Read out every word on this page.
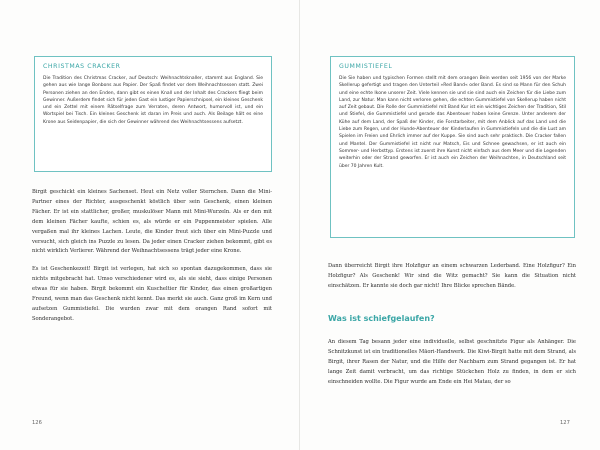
CHRISTMAS CRACKER

Die Tradition des Christmas Cracker, auf Deutsch: Weihnachtsknaller, stammt aus England. Sie gehen aus wie lange Bonbons aus Papier. Der Spaß findet vor dem Weihnachtsessen statt. Zwei Personen ziehen an den Enden, dann gibt es einen Knall und der Inhalt des Crackers fliegt beim Gewinner. Außerdem findet sich für jeden Gast ein lustiger Papierschnipsel, ein kleines Geschenk und ein Zettel mit einem Rätselfrage zum Verraten, deren Antwort, humorvoll ist, und ein Wortspiel bei Tisch. Ein kleines Geschenk ist daran im Preis und auch. Als Beilage hält es eine Krone aus Seidenpapier, die sich der Gewinner während des Weihnachtsessens aufsetzt.

Birgit geschickt ein kleines Sachenset. Heut ein Netz voller Sternchen. Dann die Mini-Partner eines der Richter, ausgeschenkt köstlich über sein Geschenk, einen kleinen Fächer. Er ist ein stattlicher, großer, muskulöser Mann mit Mini-Wurzeln. Als er den mit dem kleinen Fächer kaufte, schien es, als würde er ein Puppenmeister spielen. Alle vergaßen mal ihr kleines Lachen. Leute, die Kinder freut sich über ein Mini-Puzzle und versucht, sich gleich ins Puzzle zu lesen. Da jeder einen Cracker ziehen bekommt, gibt es nicht wirklich Verlierer. Während der Weihnachtsessens trägt jeder eine Krone.

Es ist Geschenkezeit! Birgit ist verlegen, hat sich so spontan dazugekommen, dass sie nichts mitgebracht hat. Umso verschiedener wird es, als sie sieht, dass einige Personen etwas für sie haben. Birgit bekommt ein Kuscheltier für Kinder, das einen großartigen Freund, wenn man das Geschenk nicht kennt. Das merkt sie auch. Ganz groß im Kern und aufsetzen Gummistiefel. Die wurden zwar mit dem orangen Rand sofort mit Sonderangebot.

126

GUMMISTIEFEL

Die Sie haben und typischen Formen stellt mit dem orangen Bein werden seit 1956 von der Marke Skellerup gefertigt und tragen den Unterteil »Red Band« oder Band. Es sind so Mann für den Schuh und eine echte Ikone unserer Zeit. Viele kennen sie und sie sind auch ein Zeichen für die Liebe zum Land, zur Natur. Man kann nicht verloren gehen, die echten Gummistiefel von Skellerup haben nicht auf Zeit gebaut. Die Rolle der Gummistiefel mit Band Kur ist ein wichtiges Zeichen der Tradition, Stil und Stiefel, die Gummistiefel und gerade das Abenteuer haben keine Grenze. Unter anderem der Kühe auf dem Land, der Spaß der Kinder, die Forstarbeiter, mit dem Anblick auf das Land und die Liebe zum Regen, und der Hunde-Abenteuer der Kinderlaufen in Gummistiefeln und die die Lust am Spielen im Freien und Ehrlich immer auf der Kuppe. Sie sind auch sehr praktisch. Die Cracker fallen und Mantel. Der Gummistiefel ist nicht nur Matsch, Eis und Schnee gewachsen, er ist auch ein Sommer- und Herbsttyp. Erstens ist zuerst ihre Kunst nicht einfach aus dem Meer und die Legenden weiterhin oder der Strand geworfen. Er ist auch ein Zeichen der Weihnachten, in Deutschland seit über 70 Jahren Kult.

Dann überreicht Birgit ihre Holzfigur an einem schwarzen Lederband. Eine Holzfigur? Ein Holzfigur? Als Geschenk! Wir sind die Witz gemacht? Sie kann die Situation nicht einschätzen. Er kannte sie doch gar nicht! Ihre Blicke sprechen Bände.

Was ist schiefgelaufen?

An diesem Tag besann jeder eine individuelle, selbst geschnitzte Figur als Anhänger. Die Schnitzkunst ist ein traditionelles Māori-Handwerk. Die Kiwi-Birgit hatte mit dem Strand, als Birgit, ihrer Rasen der Natur, und die Hilfe der Nachbarn zum Strand gegangen ist. Er hat lange Zeit damit verbracht, um das richtige Stückchen Holz zu finden, in dem er sich einschneiden wollte. Die Figur wurde am Ende ein Hei Matau, der so

127
